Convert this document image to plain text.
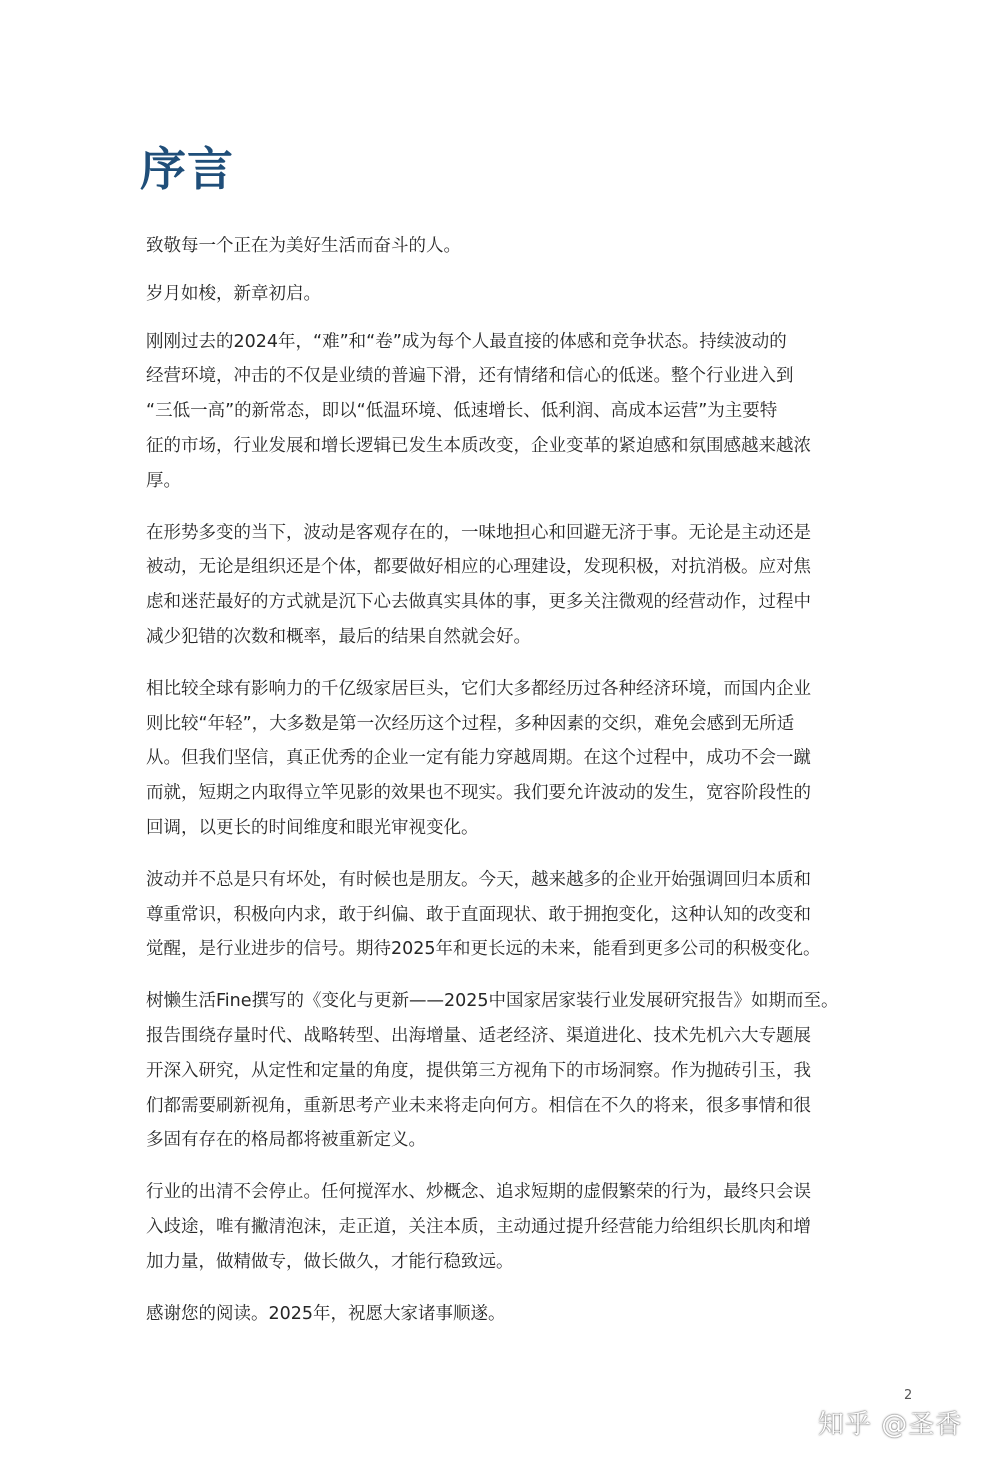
序言

致敬每一个正在为美好生活而奋斗的人。

岁月如梭，新章初启。

刚刚过去的2024年，“难”和“卷”成为每个人最直接的体感和竞争状态。持续波动的
经营环境，冲击的不仅是业绩的普遍下滑，还有情绪和信心的低迷。整个行业进入到
“三低一高”的新常态，即以“低温环境、低速增长、低利润、高成本运营”为主要特
征的市场，行业发展和增长逻辑已发生本质改变，企业变革的紧迫感和氛围感越来越浓
厚。

在形势多变的当下，波动是客观存在的，一味地担心和回避无济于事。无论是主动还是
被动，无论是组织还是个体，都要做好相应的心理建设，发现积极，对抗消极。应对焦
虑和迷茫最好的方式就是沉下心去做真实具体的事，更多关注微观的经营动作，过程中
减少犯错的次数和概率，最后的结果自然就会好。

相比较全球有影响力的千亿级家居巨头，它们大多都经历过各种经济环境，而国内企业
则比较“年轻”，大多数是第一次经历这个过程，多种因素的交织，难免会感到无所适
从。但我们坚信，真正优秀的企业一定有能力穿越周期。在这个过程中，成功不会一蹴
而就，短期之内取得立竿见影的效果也不现实。我们要允许波动的发生，宽容阶段性的
回调，以更长的时间维度和眼光审视变化。

波动并不总是只有坏处，有时候也是朋友。今天，越来越多的企业开始强调回归本质和
尊重常识，积极向内求，敢于纠偏、敢于直面现状、敢于拥抱变化，这种认知的改变和
觉醒，是行业进步的信号。期待2025年和更长远的未来，能看到更多公司的积极变化。

树懒生活Fine撰写的《变化与更新——2025中国家居家装行业发展研究报告》如期而至。
报告围绕存量时代、战略转型、出海增量、适老经济、渠道进化、技术先机六大专题展
开深入研究，从定性和定量的角度，提供第三方视角下的市场洞察。作为抛砖引玉，我
们都需要刷新视角，重新思考产业未来将走向何方。相信在不久的将来，很多事情和很
多固有存在的格局都将被重新定义。

行业的出清不会停止。任何搅浑水、炒概念、追求短期的虚假繁荣的行为，最终只会误
入歧途，唯有撇清泡沫，走正道，关注本质，主动通过提升经营能力给组织长肌肉和增
加力量，做精做专，做长做久，才能行稳致远。

感谢您的阅读。2025年，祝愿大家诸事顺遂。

2
知乎 @圣香
